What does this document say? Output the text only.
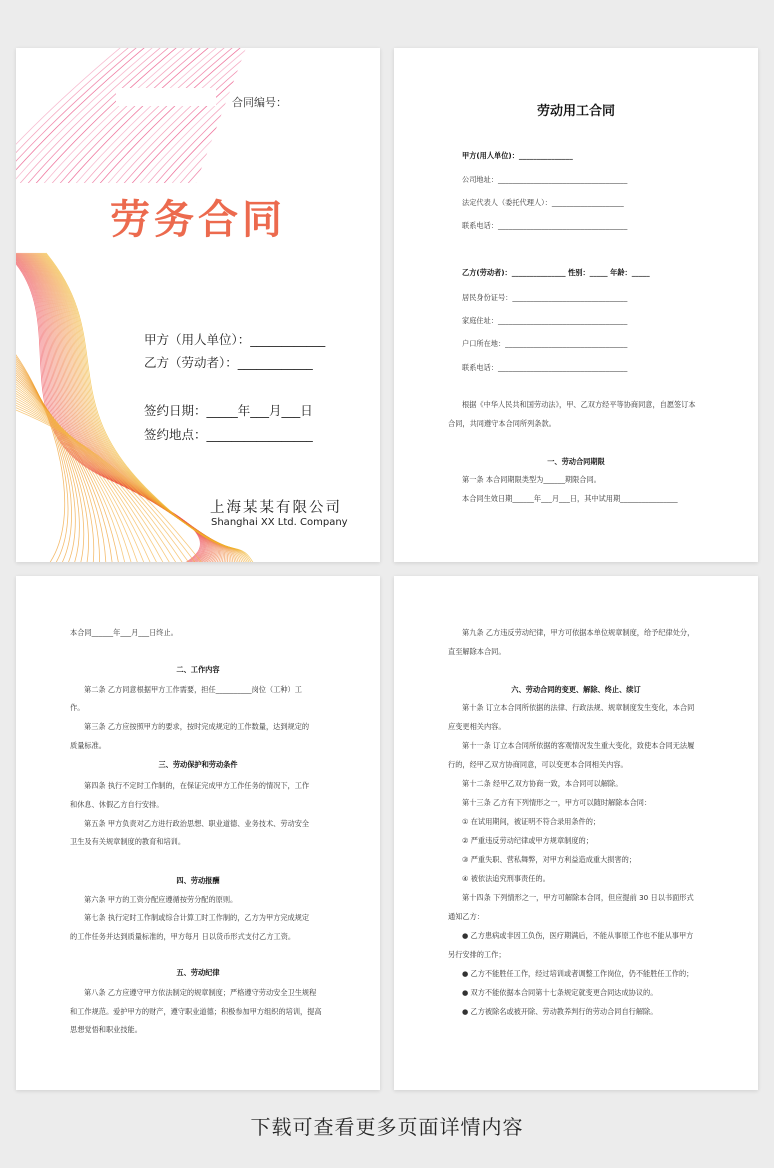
合同编号：
劳务合同
甲方（用人单位）：____________
乙方（劳动者）：____________
签约日期：_____年___月___日
签约地点：_________________
上海某某有限公司
Shanghai XX Ltd. Company
劳动用工合同
甲方(用人单位)：_______________
公司地址：____________________________________
法定代表人（委托代理人）：____________________
联系电话：____________________________________
乙方(劳动者)：_______________ 性别：_____ 年龄：_____
居民身份证号：________________________________
家庭住址：____________________________________
户口所在地：__________________________________
联系电话：____________________________________
根据《中华人民共和国劳动法》，甲、乙双方经平等协商同意，自愿签订本
合同，共同遵守本合同所列条款。
一、劳动合同期限
第一条 本合同期限类型为______期限合同。
本合同生效日期______年___月___日，其中试用期________________
本合同______年___月___日终止。
二、工作内容
第二条 乙方同意根据甲方工作需要，担任__________岗位（工种）工
作。
第三条 乙方应按照甲方的要求，按时完成规定的工作数量，达到规定的
质量标准。
三、劳动保护和劳动条件
第四条 执行不定时工作制的，在保证完成甲方工作任务的情况下，工作
和休息、休假乙方自行安排。
第五条 甲方负责对乙方进行政治思想、职业道德、业务技术、劳动安全
卫生及有关规章制度的教育和培训。
四、劳动报酬
第六条 甲方的工资分配应遵循按劳分配的原则。
第七条 执行定时工作制或综合计算工时工作制的，乙方为甲方完成规定
的工作任务并达到质量标准的，甲方每月 日以货币形式支付乙方工资。
五、劳动纪律
第八条 乙方应遵守甲方依法制定的规章制度；严格遵守劳动安全卫生规程
和工作规范。爱护甲方的财产，遵守职业道德；积极参加甲方组织的培训，提高
思想觉悟和职业技能。
第九条 乙方违反劳动纪律，甲方可依据本单位规章制度，给予纪律处分，
直至解除本合同。
六、劳动合同的变更、解除、终止、续订
第十条 订立本合同所依据的法律、行政法规、规章制度发生变化，本合同
应变更相关内容。
第十一条 订立本合同所依据的客观情况发生重大变化，致使本合同无法履
行的，经甲乙双方协商同意，可以变更本合同相关内容。
第十二条 经甲乙双方协商一致，本合同可以解除。
第十三条 乙方有下列情形之一，甲方可以随时解除本合同：
① 在试用期间，被证明不符合录用条件的；
② 严重违反劳动纪律或甲方规章制度的；
③ 严重失职、营私舞弊，对甲方利益造成重大损害的；
④ 被依法追究刑事责任的。
第十四条 下列情形之一，甲方可解除本合同，但应提前 30 日以书面形式
通知乙方：
● 乙方患病或非因工负伤，医疗期满后，不能从事原工作也不能从事甲方
另行安排的工作；
● 乙方不能胜任工作，经过培训或者调整工作岗位，仍不能胜任工作的；
● 双方不能依据本合同第十七条规定就变更合同达成协议的。
● 乙方被除名或被开除、劳动教养判行的劳动合同自行解除。
下载可查看更多页面详情内容
